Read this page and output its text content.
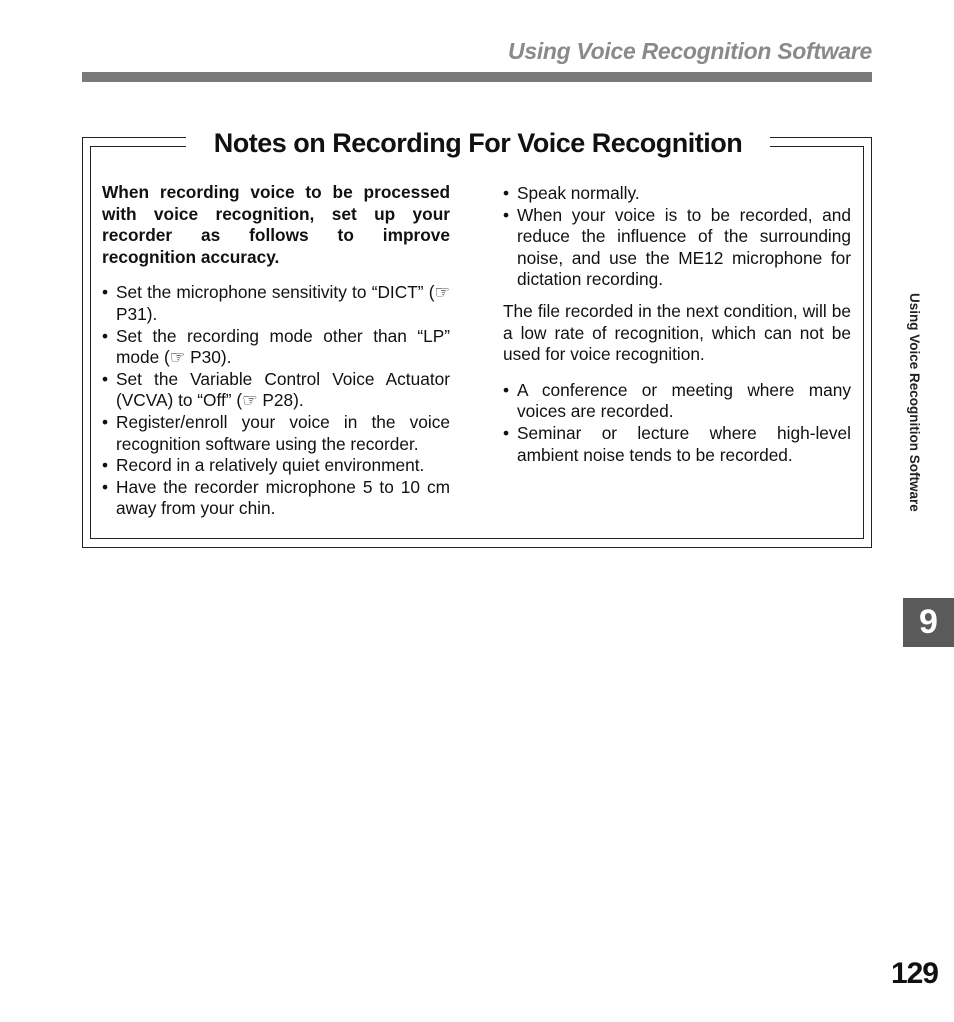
Using Voice Recognition Software
Notes on Recording For Voice Recognition

When recording voice to be processed with voice recognition, set up your recorder as follows to improve recognition accuracy.

• Set the microphone sensitivity to “DICT” (☞ P31).
• Set the recording mode other than “LP” mode (☞ P30).
• Set the Variable Control Voice Actuator (VCVA) to “Off” (☞ P28).
• Register/enroll your voice in the voice recognition software using the recorder.
• Record in a relatively quiet environment.
• Have the recorder microphone 5 to 10 cm away from your chin.
• Speak normally.
• When your voice is to be recorded, and reduce the influence of the surrounding noise, and use the ME12 microphone for dictation recording.

The file recorded in the next condition, will be a low rate of recognition, which can not be used for voice recognition.

• A conference or meeting where many voices are recorded.
• Seminar or lecture where high-level ambient noise tends to be recorded.	Using Voice Recognition Software
9
129
